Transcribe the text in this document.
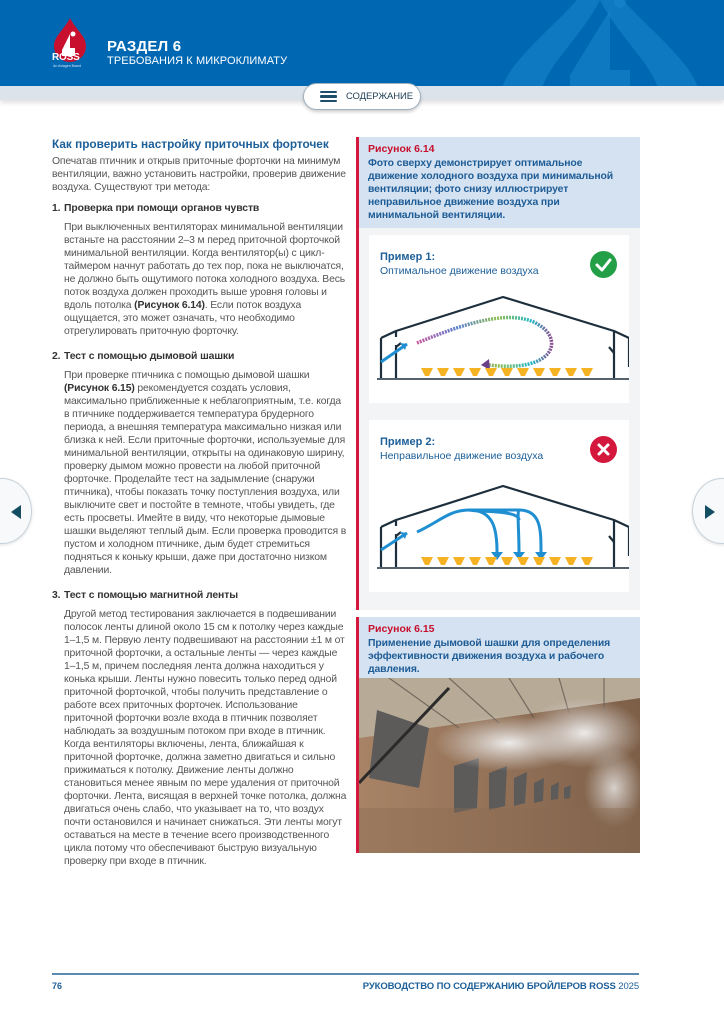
ROSS
An Aviagen Brand
РАЗДЕЛ 6
ТРЕБОВАНИЯ К МИКРОКЛИМАТУ
СОДЕРЖАНИЕ
Как проверить настройку приточных форточек
Опечатав птичник и открыв приточные форточки на минимум вентиляции, важно установить настройки, проверив движение воздуха. Существуют три метода:
1. Проверка при помощи органов чувств
При выключенных вентиляторах минимальной вентиляции встаньте на расстоянии 2–3 м перед приточной форточкой минимальной вентиляции. Когда вентилятор(ы) с цикл-таймером начнут работать до тех пор, пока не выключатся, не должно быть ощутимого потока холодного воздуха. Весь поток воздуха должен проходить выше уровня головы и вдоль потолка (Рисунок 6.14). Если поток воздуха ощущается, это может означать, что необходимо отрегулировать приточную форточку.
2. Тест с помощью дымовой шашки
При проверке птичника с помощью дымовой шашки (Рисунок 6.15) рекомендуется создать условия, максимально приближенные к неблагоприятным, т.е. когда в птичнике поддерживается температура брудерного периода, а внешняя температура максимально низкая или близка к ней. Если приточные форточки, используемые для минимальной вентиляции, открыты на одинаковую ширину, проверку дымом можно провести на любой приточной форточке. Проделайте тест на задымление (снаружи птичника), чтобы показать точку поступления воздуха, или выключите свет и постойте в темноте, чтобы увидеть, где есть просветы. Имейте в виду, что некоторые дымовые шашки выделяют теплый дым. Если проверка проводится в пустом и холодном птичнике, дым будет стремиться подняться к коньку крыши, даже при достаточно низком давлении.
3. Тест с помощью магнитной ленты
Другой метод тестирования заключается в подвешивании полосок ленты длиной около 15 см к потолку через каждые 1–1,5 м. Первую ленту подвешивают на расстоянии ±1 м от приточной форточки, а остальные ленты — через каждые 1–1,5 м, причем последняя лента должна находиться у конька крыши. Ленты нужно повесить только перед одной приточной форточкой, чтобы получить представление о работе всех приточных форточек. Использование приточной форточки возле входа в птичник позволяет наблюдать за воздушным потоком при входе в птичник. Когда вентиляторы включены, лента, ближайшая к приточной форточке, должна заметно двигаться и сильно прижиматься к потолку. Движение ленты должно становиться менее явным по мере удаления от приточной форточки. Лента, висящая в верхней точке потолка, должна двигаться очень слабо, что указывает на то, что воздух почти остановился и начинает снижаться. Эти ленты могут оставаться на месте в течение всего производственного цикла потому что обеспечивают быструю визуальную проверку при входе в птичник.
Рисунок 6.14
Фото сверху демонстрирует оптимальное движение холодного воздуха при минимальной вентиляции; фото снизу иллюстрирует неправильное движение воздуха при минимальной вентиляции.
Пример 1:
Оптимальное движение воздуха
Пример 2:
Неправильное движение воздуха
Рисунок 6.15
Применение дымовой шашки для определения эффективности движения воздуха и рабочего давления.
76	РУКОВОДСТВО ПО СОДЕРЖАНИЮ БРОЙЛЕРОВ ROSS 2025
